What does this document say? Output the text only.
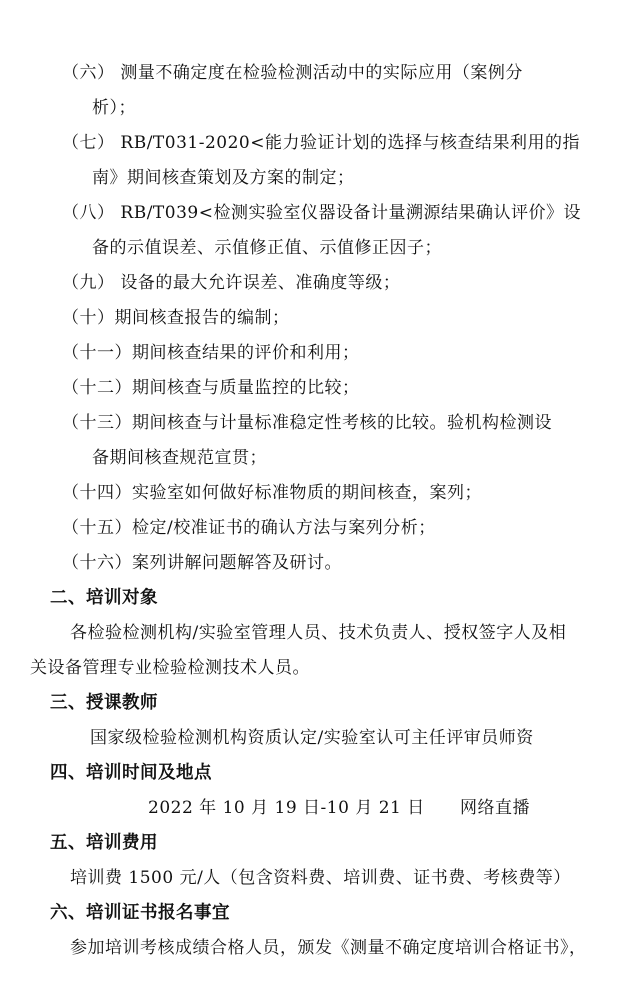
（六） 测量不确定度在检验检测活动中的实际应用（案例分
析）；
（七） RB/T031-2020<能力验证计划的选择与核查结果利用的指
南》期间核查策划及方案的制定；
（八） RB/T039<检测实验室仪器设备计量溯源结果确认评价》设
备的示值误差、示值修正值、示值修正因子；
（九） 设备的最大允许误差、准确度等级；
（十）期间核查报告的编制；
（十一）期间核查结果的评价和利用；
（十二）期间核查与质量监控的比较；
（十三）期间核查与计量标准稳定性考核的比较。验机构检测设
备期间核查规范宣贯；
（十四）实验室如何做好标准物质的期间核查，案列；
（十五）检定/校准证书的确认方法与案列分析；
（十六）案列讲解问题解答及研讨。
二、培训对象
各检验检测机构/实验室管理人员、技术负责人、授权签字人及相
关设备管理专业检验检测技术人员。
三、授课教师
国家级检验检测机构资质认定/实验室认可主任评审员师资
四、培训时间及地点
2022 年 10 月 19 日-10 月 21 日 网络直播
五、培训费用
培训费 1500 元/人（包含资料费、培训费、证书费、考核费等）
六、培训证书报名事宜
参加培训考核成绩合格人员，颁发《测量不确定度培训合格证书》，
